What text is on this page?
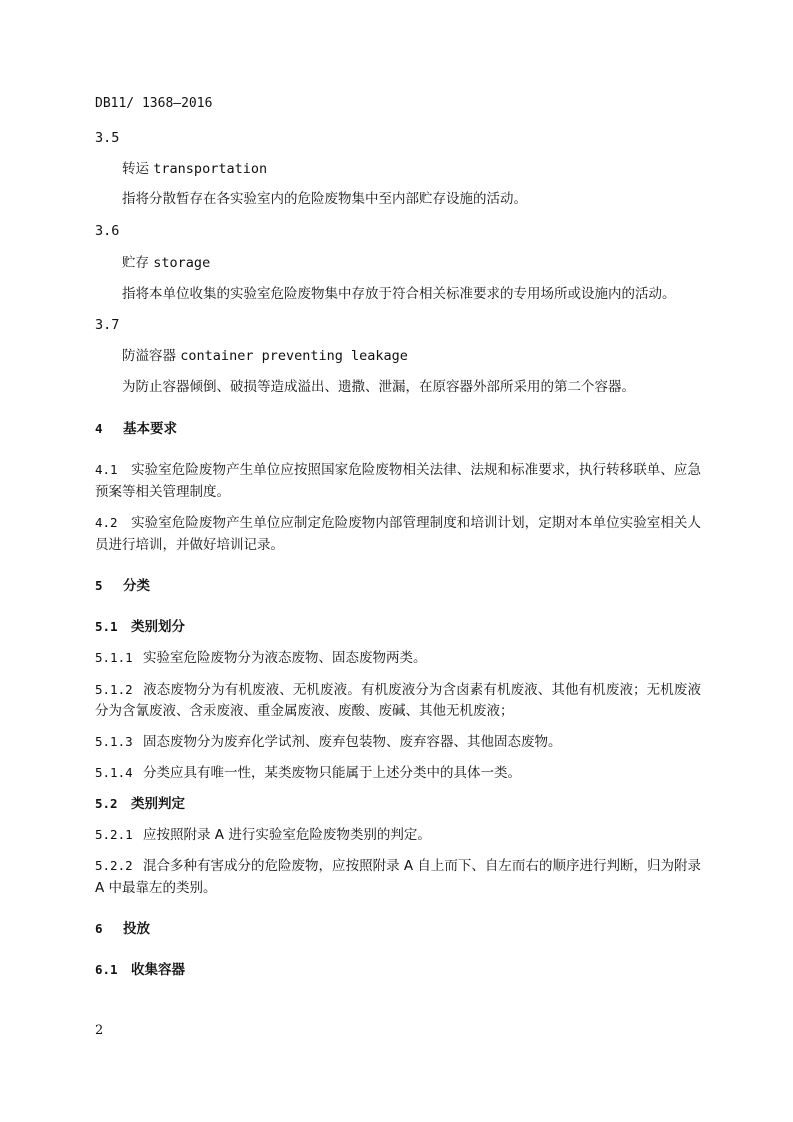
DB11/ 1368—2016
3.5
转运 transportation
指将分散暂存在各实验室内的危险废物集中至内部贮存设施的活动。
3.6
贮存 storage
指将本单位收集的实验室危险废物集中存放于符合相关标准要求的专用场所或设施内的活动。
3.7
防溢容器 container preventing leakage
为防止容器倾倒、破损等造成溢出、遗撒、泄漏，在原容器外部所采用的第二个容器。
4 基本要求
4.1 实验室危险废物产生单位应按照国家危险废物相关法律、法规和标准要求，执行转移联单、应急
预案等相关管理制度。
4.2 实验室危险废物产生单位应制定危险废物内部管理制度和培训计划，定期对本单位实验室相关人
员进行培训，并做好培训记录。
5 分类
5.1 类别划分
5.1.1 实验室危险废物分为液态废物、固态废物两类。
5.1.2 液态废物分为有机废液、无机废液。有机废液分为含卤素有机废液、其他有机废液；无机废液
分为含氰废液、含汞废液、重金属废液、废酸、废碱、其他无机废液；
5.1.3 固态废物分为废弃化学试剂、废弃包装物、废弃容器、其他固态废物。
5.1.4 分类应具有唯一性，某类废物只能属于上述分类中的具体一类。
5.2 类别判定
5.2.1 应按照附录 A 进行实验室危险废物类别的判定。
5.2.2 混合多种有害成分的危险废物，应按照附录 A 自上而下、自左而右的顺序进行判断，归为附录
A 中最靠左的类别。
6 投放
6.1 收集容器
2
